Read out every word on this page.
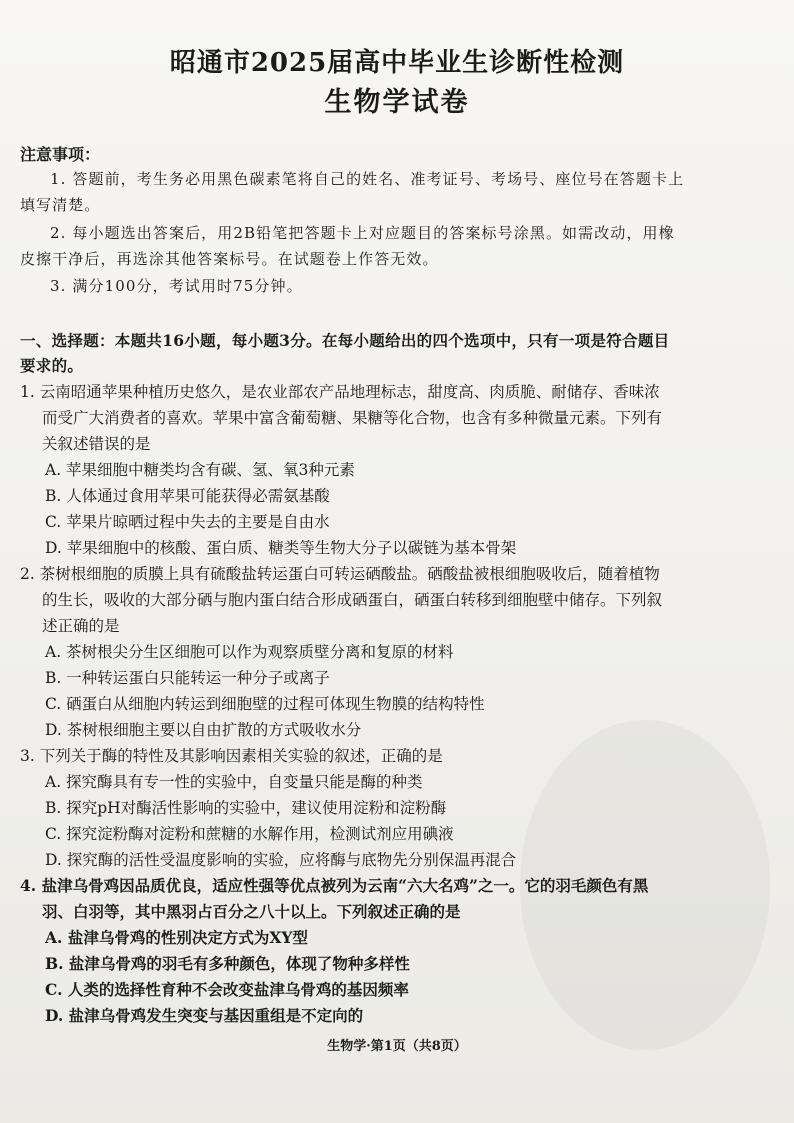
昭通市2025届高中毕业生诊断性检测
生物学试卷
注意事项：
1. 答题前，考生务必用黑色碳素笔将自己的姓名、准考证号、考场号、座位号在答题卡上
填写清楚。
2. 每小题选出答案后，用2B铅笔把答题卡上对应题目的答案标号涂黑。如需改动，用橡
皮擦干净后，再选涂其他答案标号。在试题卷上作答无效。
3. 满分100分，考试用时75分钟。
一、选择题：本题共16小题，每小题3分。在每小题给出的四个选项中，只有一项是符合题目
要求的。
1. 云南昭通苹果种植历史悠久，是农业部农产品地理标志，甜度高、肉质脆、耐储存、香味浓
而受广大消费者的喜欢。苹果中富含葡萄糖、果糖等化合物，也含有多种微量元素。下列有
关叙述错误的是
A. 苹果细胞中糖类均含有碳、氢、氧3种元素
B. 人体通过食用苹果可能获得必需氨基酸
C. 苹果片晾晒过程中失去的主要是自由水
D. 苹果细胞中的核酸、蛋白质、糖类等生物大分子以碳链为基本骨架
2. 茶树根细胞的质膜上具有硫酸盐转运蛋白可转运硒酸盐。硒酸盐被根细胞吸收后，随着植物
的生长，吸收的大部分硒与胞内蛋白结合形成硒蛋白，硒蛋白转移到细胞壁中储存。下列叙
述正确的是
A. 茶树根尖分生区细胞可以作为观察质壁分离和复原的材料
B. 一种转运蛋白只能转运一种分子或离子
C. 硒蛋白从细胞内转运到细胞壁的过程可体现生物膜的结构特性
D. 茶树根细胞主要以自由扩散的方式吸收水分
3. 下列关于酶的特性及其影响因素相关实验的叙述，正确的是
A. 探究酶具有专一性的实验中，自变量只能是酶的种类
B. 探究pH对酶活性影响的实验中，建议使用淀粉和淀粉酶
C. 探究淀粉酶对淀粉和蔗糖的水解作用，检测试剂应用碘液
D. 探究酶的活性受温度影响的实验，应将酶与底物先分别保温再混合
4. 盐津乌骨鸡因品质优良，适应性强等优点被列为云南“六大名鸡”之一。它的羽毛颜色有黑
羽、白羽等，其中黑羽占百分之八十以上。下列叙述正确的是
A. 盐津乌骨鸡的性别决定方式为XY型
B. 盐津乌骨鸡的羽毛有多种颜色，体现了物种多样性
C. 人类的选择性育种不会改变盐津乌骨鸡的基因频率
D. 盐津乌骨鸡发生突变与基因重组是不定向的
生物学·第1页（共8页）
